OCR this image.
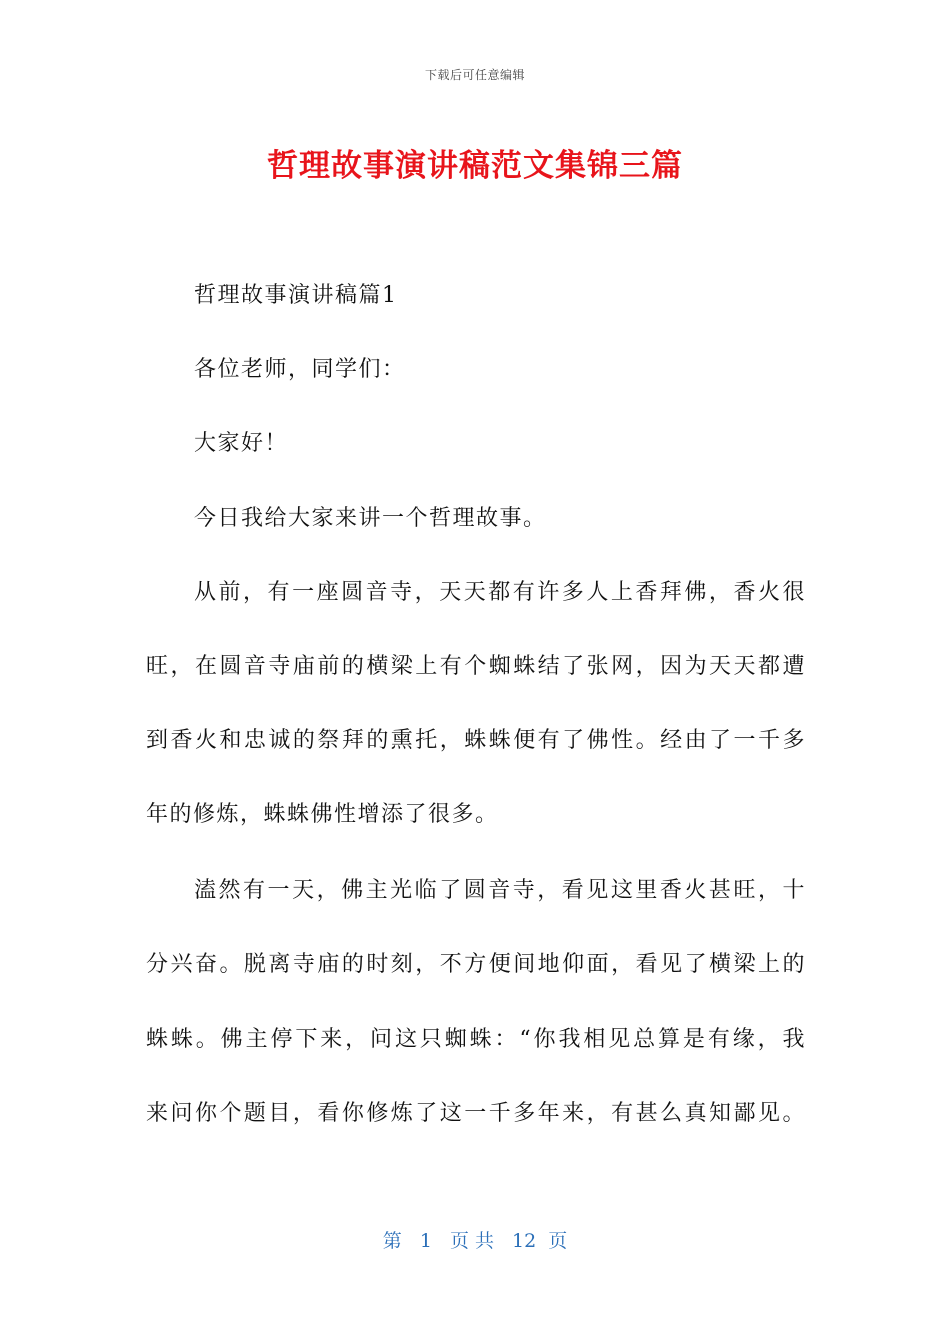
下载后可任意编辑
哲理故事演讲稿范文集锦三篇
哲理故事演讲稿篇1
各位老师，同学们：
大家好！
今日我给大家来讲一个哲理故事。
从前，有一座圆音寺，天天都有许多人上香拜佛，香火很
旺，在圆音寺庙前的横梁上有个蜘蛛结了张网，因为天天都遭
到香火和忠诚的祭拜的熏托，蛛蛛便有了佛性。经由了一千多
年的修炼，蛛蛛佛性增添了很多。
溘然有一天，佛主光临了圆音寺，看见这里香火甚旺，十
分兴奋。脱离寺庙的时刻，不方便间地仰面，看见了横梁上的
蛛蛛。佛主停下来，问这只蜘蛛：“你我相见总算是有缘，我
来问你个题目，看你修炼了这一千多年来，有甚么真知鄙见。
第 1 页 共 12 页
